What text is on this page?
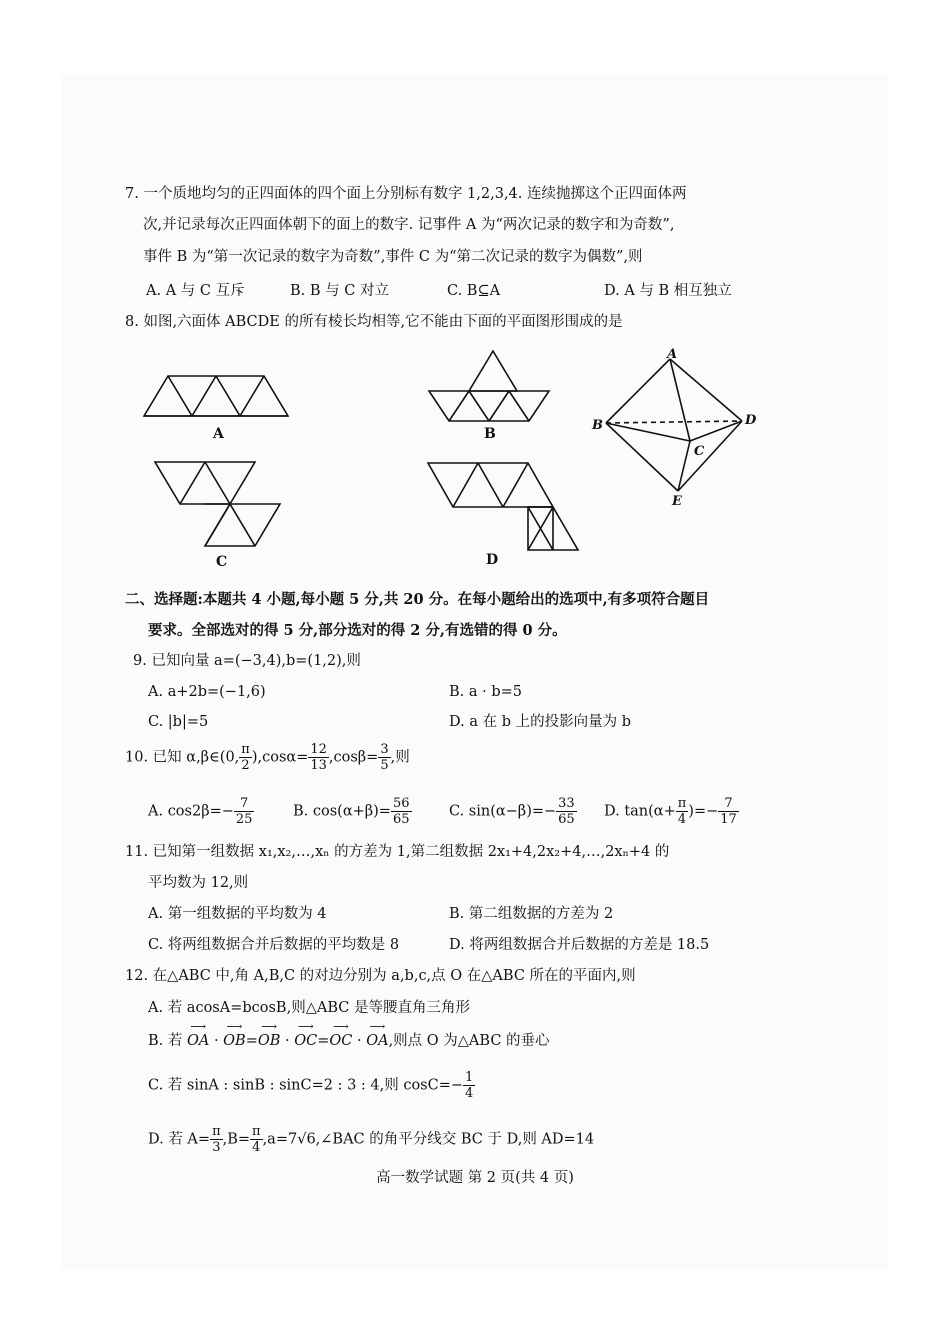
7. 一个质地均匀的正四面体的四个面上分别标有数字 1,2,3,4. 连续抛掷这个正四面体两
次,并记录每次正四面体朝下的面上的数字. 记事件 A 为“两次记录的数字和为奇数”,
事件 B 为“第一次记录的数字为奇数”,事件 C 为“第二次记录的数字为偶数”,则
A. A 与 C 互斥	B. B 与 C 对立	C. B⊆A	D. A 与 B 相互独立
8. 如图,六面体 ABCDE 的所有棱长均相等,它不能由下面的平面图形围成的是
A	B
A
B
C
D
E
C	D
二、选择题:本题共 4 小题,每小题 5 分,共 20 分。在每小题给出的选项中,有多项符合题目
要求。全部选对的得 5 分,部分选对的得 2 分,有选错的得 0 分。
9. 已知向量 a=(−3,4),b=(1,2),则
A. a+2b=(−1,6)	B. a · b=5
C. |b|=5	D. a 在 b 上的投影向量为 b
10. 已知 α,β∈(0, $\frac{\pi}{2} ),\cos\alpha= \frac{12}{13} ,\cos\beta= \frac{3}{5}$ ,则
A. $\cos 2\beta=- \frac{7}{25}$	B. $\cos(\alpha+\beta)= \frac{56}{65}$	C. $\sin(\alpha-\beta)=- \frac{33}{65} D$. $\tan(\alpha+ \frac{\pi}{4}$ )=− $\frac{7}{17}$
11. 已知第一组数据 x₁,x₂,…,xₙ 的方差为 1,第二组数据 2x₁+4,2x₂+4,…,2xₙ+4 的
平均数为 12,则
A. 第一组数据的平均数为 4	B. 第二组数据的方差为 2
C. 将两组数据合并后数据的平均数是 8	D. 将两组数据合并后数据的方差是 18.5
12. 在△ABC 中,角 A,B,C 的对边分别为 a,b,c,点 O 在△ABC 所在的平面内,则
A. 若 acosA=bcosB,则△ABC 是等腰直角三角形
B. 若 ⟶ OA · ⟶ OB=⟶ OB · ⟶ OC=⟶ OC · ⟶ OA,则点 O 为△ABC 的垂心
C. 若 sinA : sinB : sinC=2 : 3 : 4,则 $\cos C=- \frac{1}{4}$
D. 若 $A= \frac{\pi}{3} ,B= \frac{\pi}{4}$ ,a=7√6,∠BAC 的角平分线交 BC 于 D,则 AD=14
高一数学试题 第 2 页(共 4 页)
